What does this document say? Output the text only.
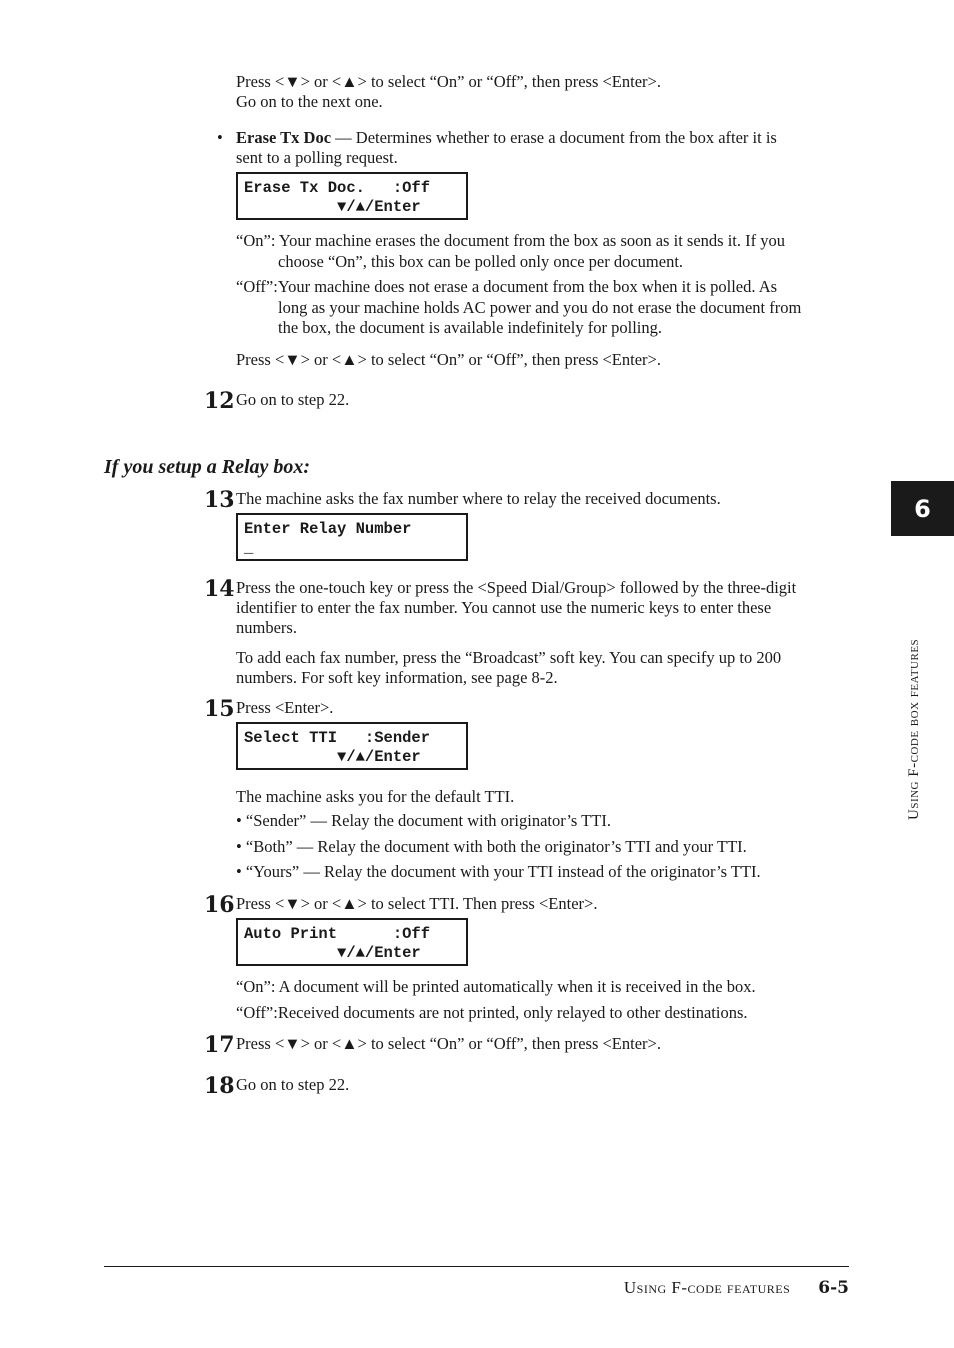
Press <▼> or <▲> to select “On” or “Off”, then press <Enter>.
Go on to the next one.
• Erase Tx Doc — Determines whether to erase a document from the box after it is
sent to a polling request.
Erase Tx Doc.   :Off
▼/▲/Enter
“On”: Your machine erases the document from the box as soon as it sends it. If you
choose “On”, this box can be polled only once per document.
“Off”:Your machine does not erase a document from the box when it is polled. As
long as your machine holds AC power and you do not erase the document from
the box, the document is available indefinitely for polling.
Press <▼> or <▲> to select “On” or “Off”, then press <Enter>.
12 Go on to step 22.
If you setup a Relay box:
13 The machine asks the fax number where to relay the received documents.
Enter Relay Number
_
14 Press the one-touch key or press the <Speed Dial/Group> followed by the three-digit
identifier to enter the fax number. You cannot use the numeric keys to enter these
numbers.
To add each fax number, press the “Broadcast” soft key. You can specify up to 200
numbers. For soft key information, see page 8-2.
15 Press <Enter>.
Select TTI   :Sender
▼/▲/Enter
The machine asks you for the default TTI.
• “Sender” — Relay the document with originator’s TTI.
• “Both” — Relay the document with both the originator’s TTI and your TTI.
• “Yours” — Relay the document with your TTI instead of the originator’s TTI.
16 Press <▼> or <▲> to select TTI. Then press <Enter>.
Auto Print      :Off
▼/▲/Enter
“On”: A document will be printed automatically when it is received in the box.
“Off”:Received documents are not printed, only relayed to other destinations.
17 Press <▼> or <▲> to select “On” or “Off”, then press <Enter>.
18 Go on to step 22.
6
Using F-code box features
Using F-code features 6-5
